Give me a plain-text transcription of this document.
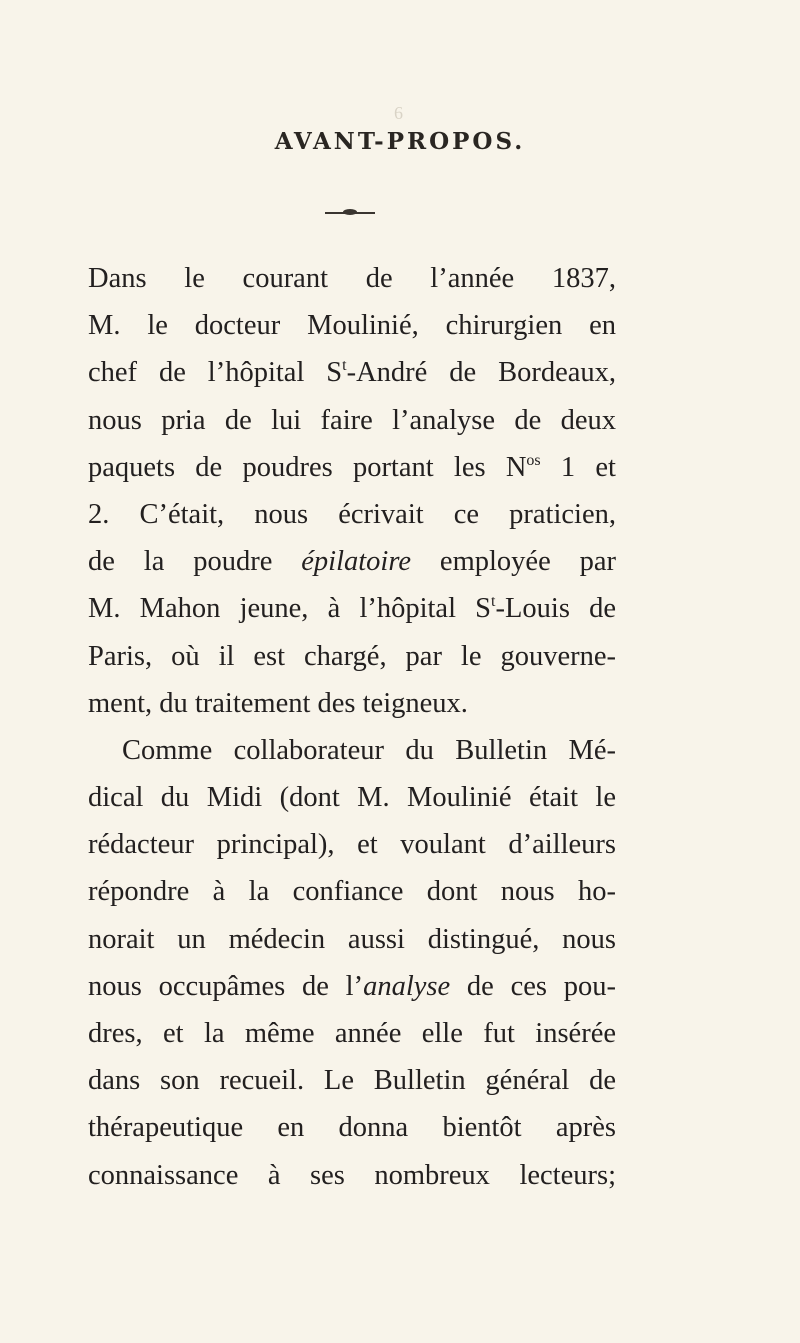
6
AVANT-PROPOS.
Dans le courant de l’année 1837,
M. le docteur Moulinié, chirurgien en
chef de l’hôpital $S^t$-André de Bordeaux,
nous pria de lui faire l’analyse de deux
paquets de poudres portant les $N^{os}$ 1 et
2. C’était, nous écrivait ce praticien,
de la poudre épilatoire employée par
M. Mahon jeune, à l’hôpital $S^t$-Louis de
Paris, où il est chargé, par le gouverne-
ment, du traitement des teigneux.
Comme collaborateur du Bulletin Mé-
dical du Midi (dont M. Moulinié était le
rédacteur principal), et voulant d’ailleurs
répondre à la confiance dont nous ho-
norait un médecin aussi distingué, nous
nous occupâmes de l’analyse de ces pou-
dres, et la même année elle fut insérée
dans son recueil. Le Bulletin général de
thérapeutique en donna bientôt après
connaissance à ses nombreux lecteurs;
